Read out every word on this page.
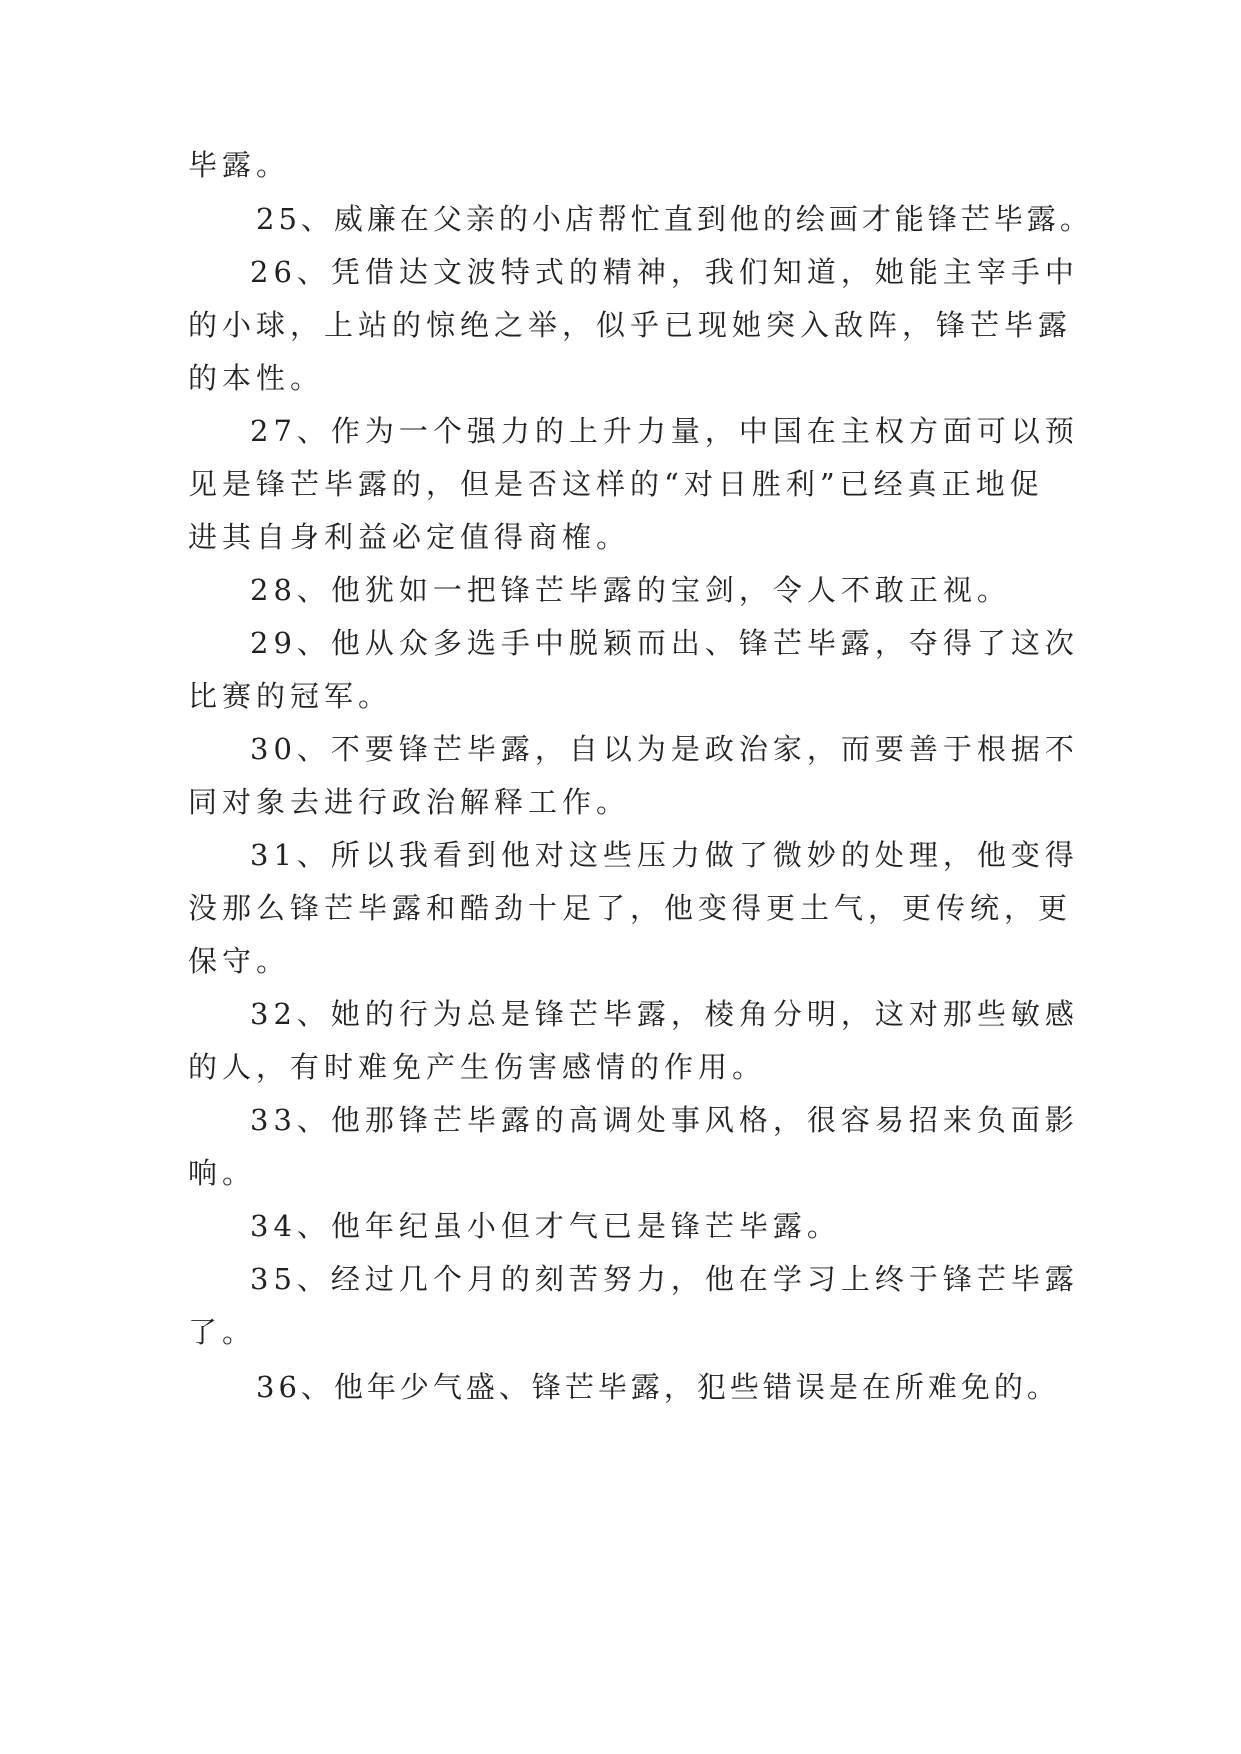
毕露。

25、威廉在父亲的小店帮忙直到他的绘画才能锋芒毕露。

26、凭借达文波特式的精神，我们知道，她能主宰手中

的小球，上站的惊绝之举，似乎已现她突入敌阵，锋芒毕露

的本性。

27、作为一个强力的上升力量，中国在主权方面可以预

见是锋芒毕露的，但是否这样的“对日胜利”已经真正地促

进其自身利益必定值得商榷。

28、他犹如一把锋芒毕露的宝剑，令人不敢正视。

29、他从众多选手中脱颖而出、锋芒毕露，夺得了这次

比赛的冠军。

30、不要锋芒毕露，自以为是政治家，而要善于根据不

同对象去进行政治解释工作。

31、所以我看到他对这些压力做了微妙的处理，他变得

没那么锋芒毕露和酷劲十足了，他变得更土气，更传统，更

保守。

32、她的行为总是锋芒毕露，棱角分明，这对那些敏感

的人，有时难免产生伤害感情的作用。

33、他那锋芒毕露的高调处事风格，很容易招来负面影

响。

34、他年纪虽小但才气已是锋芒毕露。

35、经过几个月的刻苦努力，他在学习上终于锋芒毕露

了。

36、他年少气盛、锋芒毕露，犯些错误是在所难免的。
